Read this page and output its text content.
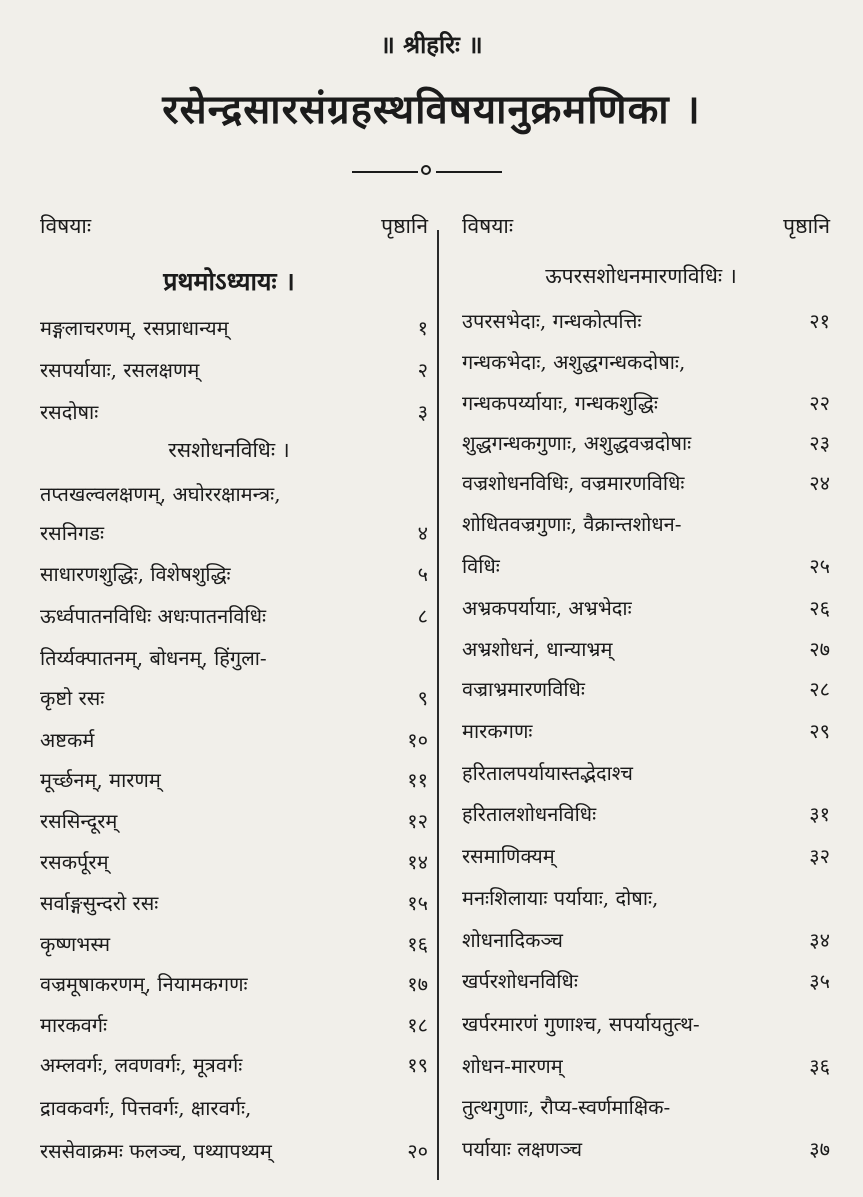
॥ श्रीहरिः ॥
रसेन्द्रसारसंग्रहस्थविषयानुक्रमणिका ।
विषयाः	पृष्ठानि
प्रथमोऽध्यायः ।
मङ्गलाचरणम्, रसप्राधान्यम्	१
रसपर्यायाः, रसलक्षणम्	२
रसदोषाः	३
रसशोधनविधिः ।
तप्तखल्वलक्षणम्, अघोररक्षामन्त्रः,
रसनिगडः	४
साधारणशुद्धिः, विशेषशुद्धिः	५
ऊर्ध्वपातनविधिः अधःपातनविधिः	८
तिर्य्यक्पातनम्, बोधनम्, हिंगुला-
कृष्टो रसः	९
अष्टकर्म	१०
मूर्च्छनम्, मारणम्	११
रससिन्दूरम्	१२
रसकर्पूरम्	१४
सर्वाङ्गसुन्दरो रसः	१५
कृष्णभस्म	१६
वज्रमूषाकरणम्, नियामकगणः	१७
मारकवर्गः	१८
अम्लवर्गः, लवणवर्गः, मूत्रवर्गः	१९
द्रावकवर्गः, पित्तवर्गः, क्षारवर्गः,
रससेवाक्रमः फलञ्च, पथ्यापथ्यम्	२०
विषयाः	पृष्ठानि
ऊपरसशोधनमारणविधिः ।
उपरसभेदाः, गन्धकोत्पत्तिः	२१
गन्धकभेदाः, अशुद्धगन्धकदोषाः,
गन्धकपर्य्यायाः, गन्धकशुद्धिः	२२
शुद्धगन्धकगुणाः, अशुद्धवज्रदोषाः	२३
वज्रशोधनविधिः, वज्रमारणविधिः	२४
शोधितवज्रगुणाः, वैक्रान्तशोधन-
विधिः	२५
अभ्रकपर्यायाः, अभ्रभेदाः	२६
अभ्रशोधनं, धान्याभ्रम्	२७
वज्राभ्रमारणविधिः	२८
मारकगणः	२९
हरितालपर्यायास्तद्भेदाश्च
हरितालशोधनविधिः	३१
रसमाणिक्यम्	३२
मनःशिलायाः पर्यायाः, दोषाः,
शोधनादिकञ्च	३४
खर्परशोधनविधिः	३५
खर्परमारणं गुणाश्च, सपर्यायतुत्थ-
शोधन-मारणम्	३६
तुत्थगुणाः, रौप्य-स्वर्णमाक्षिक-
पर्यायाः लक्षणञ्च	३७
